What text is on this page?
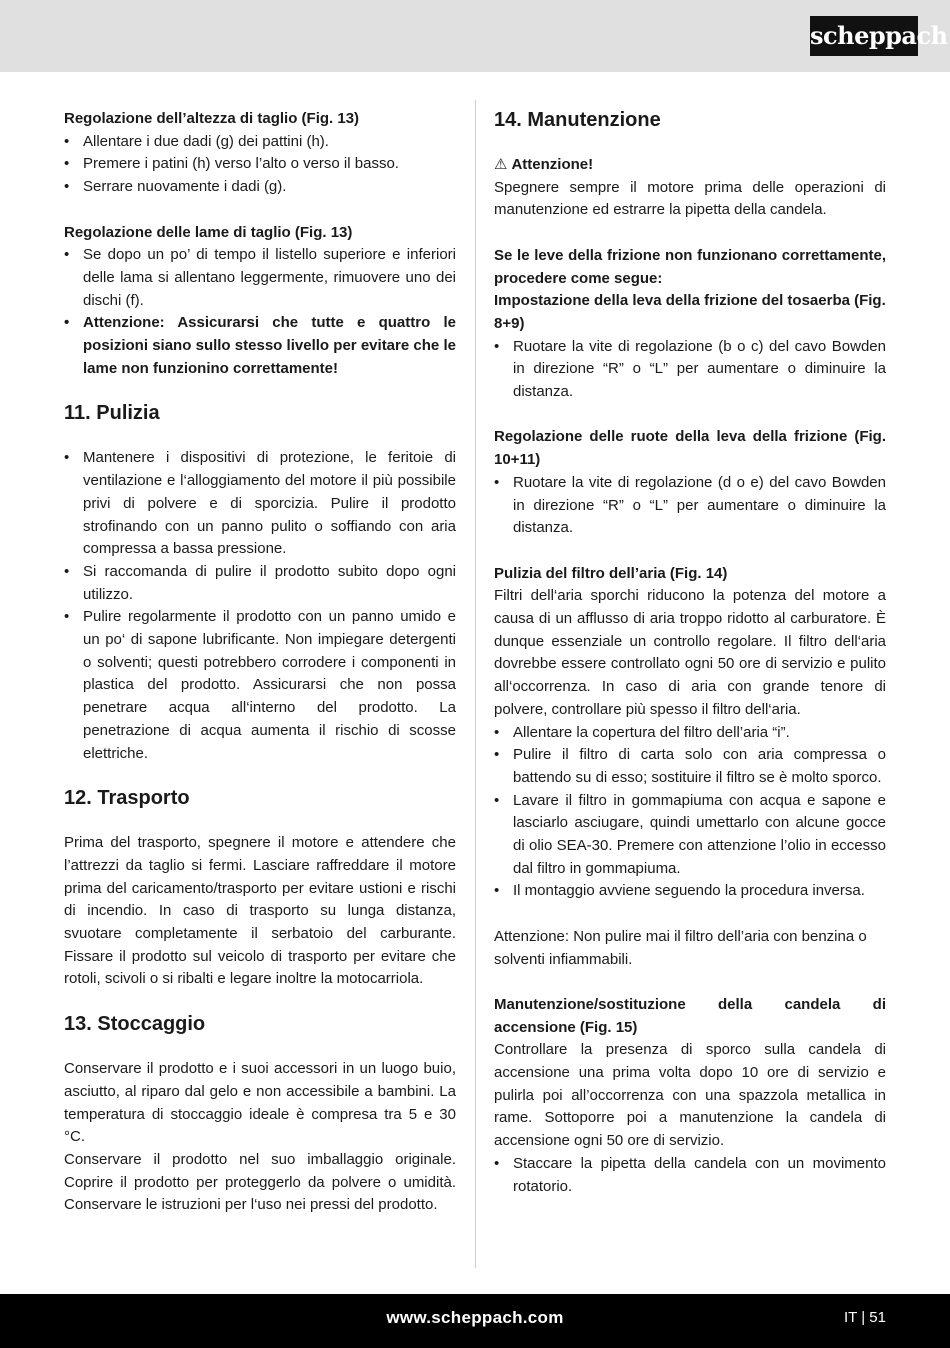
scheppach

Regolazione dell’altezza di taglio (Fig. 13)

• Allentare i due dadi (g) dei pattini (h).
• Premere i patini (h) verso l’alto o verso il basso.
• Serrare nuovamente i dadi (g).

Regolazione delle lame di taglio (Fig. 13)

• Se dopo un po’ di tempo il listello superiore e inferiori delle lama si allentano leggermente, rimuovere uno dei dischi (f).
• Attenzione: Assicurarsi che tutte e quattro le posizioni siano sullo stesso livello per evitare che le lame non funzionino correttamente!
11. Pulizia
• Mantenere i dispositivi di protezione, le feritoie di ventilazione e l‘alloggiamento del motore il più possibile privi di polvere e di sporcizia. Pulire il prodotto strofinando con un panno pulito o soffiando con aria compressa a bassa pressione.
• Si raccomanda di pulire il prodotto subito dopo ogni utilizzo.
• Pulire regolarmente il prodotto con un panno umido e un po‘ di sapone lubrificante. Non impiegare detergenti o solventi; questi potrebbero corrodere i componenti in plastica del prodotto. Assicurarsi che non possa penetrare acqua all‘interno del prodotto. La penetrazione di acqua aumenta il rischio di scosse elettriche.
12. Trasporto

Prima del trasporto, spegnere il motore e attendere che l’attrezzi da taglio si fermi. Lasciare raffreddare il motore prima del caricamento/trasporto per evitare ustioni e rischi di incendio. In caso di trasporto su lunga distanza, svuotare completamente il serbatoio del carburante. Fissare il prodotto sul veicolo di trasporto per evitare che rotoli, scivoli o si ribalti e legare inoltre la motocarriola.

13. Stoccaggio

Conservare il prodotto e i suoi accessori in un luogo buio, asciutto, al riparo dal gelo e non accessibile a bambini. La temperatura di stoccaggio ideale è compresa tra 5 e 30 °C.

Conservare il prodotto nel suo imballaggio originale. Coprire il prodotto per proteggerlo da polvere o umidità. Conservare le istruzioni per l‘uso nei pressi del prodotto.

14. Manutenzione

⚠ Attenzione!

Spegnere sempre il motore prima delle operazioni di manutenzione ed estrarre la pipetta della candela.

Se le leve della frizione non funzionano correttamente, procedere come segue:

Impostazione della leva della frizione del tosaerba (Fig. 8+9)

• Ruotare la vite di regolazione (b o c) del cavo Bowden in direzione “R” o “L” per aumentare o diminuire la distanza.

Regolazione delle ruote della leva della frizione (Fig. 10+11)

• Ruotare la vite di regolazione (d o e) del cavo Bowden in direzione “R” o “L” per aumentare o diminuire la distanza.

Pulizia del filtro dell’aria (Fig. 14)

Filtri dell‘aria sporchi riducono la potenza del motore a causa di un afflusso di aria troppo ridotto al carburatore. È dunque essenziale un controllo regolare. Il filtro dell‘aria dovrebbe essere controllato ogni 50 ore di servizio e pulito all‘occorrenza. In caso di aria con grande tenore di polvere, controllare più spesso il filtro dell‘aria.

• Allentare la copertura del filtro dell’aria “i”.
• Pulire il filtro di carta solo con aria compressa o battendo su di esso; sostituire il filtro se è molto sporco.
• Lavare il filtro in gommapiuma con acqua e sapone e lasciarlo asciugare, quindi umettarlo con alcune gocce di olio SEA-30. Premere con attenzione l’olio in eccesso dal filtro in gommapiuma.
• Il montaggio avviene seguendo la procedura inversa.

Attenzione: Non pulire mai il filtro dell’aria con benzina o

solventi infiammabili.

Manutenzione/sostituzione della candela di accensione (Fig. 15)

Controllare la presenza di sporco sulla candela di accensione una prima volta dopo 10 ore di servizio e pulirla poi all’occorrenza con una spazzola metallica in rame. Sottoporre poi a manutenzione la candela di accensione ogni 50 ore di servizio.

• Staccare la pipetta della candela con un movimento rotatorio.
www.scheppach.com	IT | 51
